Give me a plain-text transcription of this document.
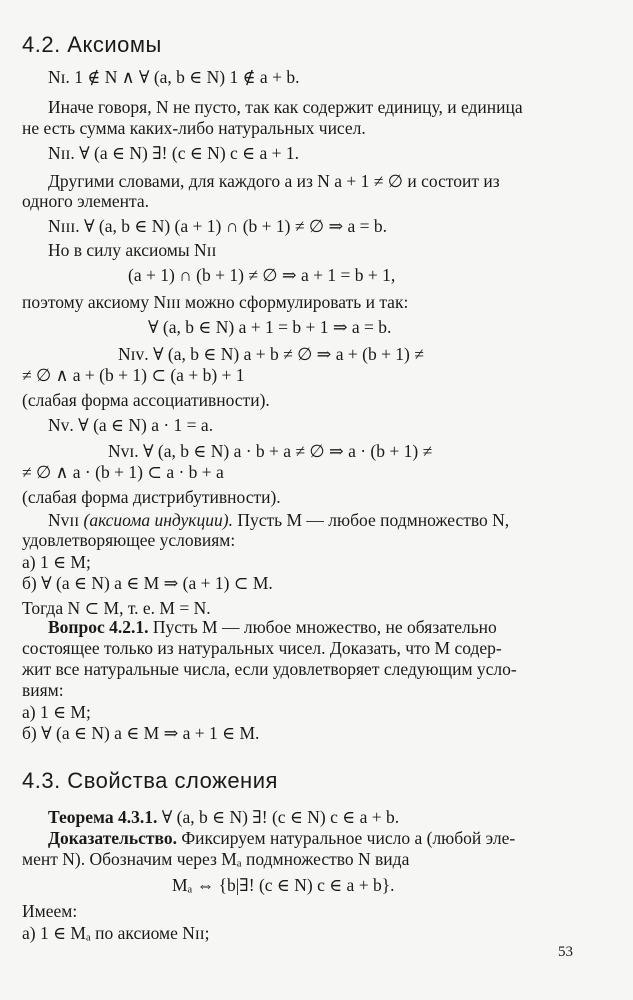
4.2. Аксиомы
Nɪ. 1 ∉ N ∧ ∀ (a, b ∈ N) 1 ∉ a + b.
Иначе говоря, N не пусто, так как содержит единицу, и единица
не есть сумма каких-либо натуральных чисел.
Nɪɪ. ∀ (a ∈ N) ∃! (c ∈ N) c ∈ a + 1.
Другими словами, для каждого a из N a + 1 ≠ ∅ и состоит из
одного элемента.
Nɪɪɪ. ∀ (a, b ∈ N) (a + 1) ∩ (b + 1) ≠ ∅ ⇒ a = b.
Но в силу аксиомы Nɪɪ
(a + 1) ∩ (b + 1) ≠ ∅ ⇒ a + 1 = b + 1,
поэтому аксиому Nɪɪɪ можно сформулировать и так:
∀ (a, b ∈ N) a + 1 = b + 1 ⇒ a = b.
Nɪᴠ. ∀ (a, b ∈ N) a + b ≠ ∅ ⇒ a + (b + 1) ≠
≠ ∅ ∧ a + (b + 1) ⊂ (a + b) + 1
(слабая форма ассоциативности).
Nᴠ. ∀ (a ∈ N) a · 1 = a.
Nᴠɪ. ∀ (a, b ∈ N) a · b + a ≠ ∅ ⇒ a · (b + 1) ≠
≠ ∅ ∧ a · (b + 1) ⊂ a · b + a
(слабая форма дистрибутивности).
Nᴠɪɪ (аксиома индукции). Пусть M — любое подмножество N,
удовлетворяющее условиям:
а) 1 ∈ M;
б) ∀ (a ∈ N) a ∈ M ⇒ (a + 1) ⊂ M.
Тогда N ⊂ M, т. е. M = N.
Вопрос 4.2.1. Пусть M — любое множество, не обязательно
состоящее только из натуральных чисел. Доказать, что M содер-
жит все натуральные числа, если удовлетворяет следующим усло-
виям:
а) 1 ∈ M;
б) ∀ (a ∈ N) a ∈ M ⇒ a + 1 ∈ M.
4.3. Свойства сложения
Теорема 4.3.1. ∀ (a, b ∈ N) ∃! (c ∈ N) c ∈ a + b.
Доказательство. Фиксируем натуральное число a (любой эле-
мент N). Обозначим через Mₐ подмножество N вида
Mₐ ⇔ {b|∃! (c ∈ N) c ∈ a + b}.
Имеем:
а) 1 ∈ Mₐ по аксиоме Nɪɪ;
53
